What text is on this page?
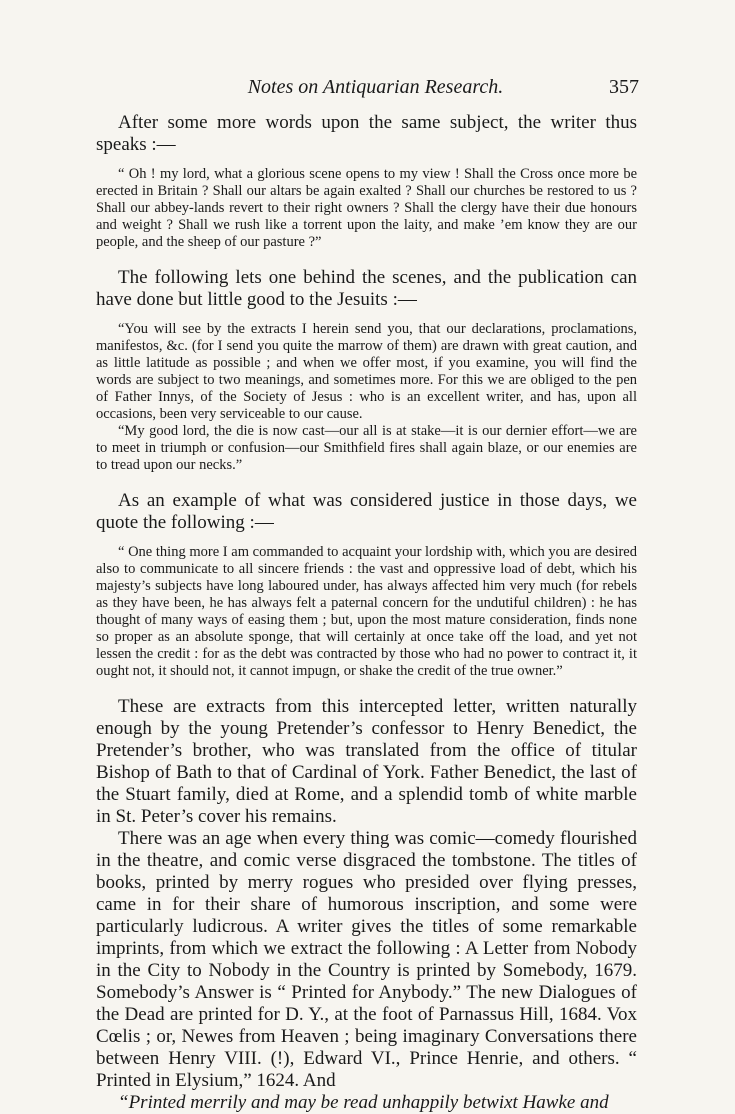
Notes on Antiquarian Research.	357

After some more words upon the same subject, the writer thus speaks :—

“ Oh ! my lord, what a glorious scene opens to my view ! Shall the Cross once more be erected in Britain ? Shall our altars be again exalted ? Shall our churches be restored to us ? Shall our abbey-lands revert to their right owners ? Shall the clergy have their due honours and weight ? Shall we rush like a torrent upon the laity, and make ’em know they are our people, and the sheep of our pasture ?”

The following lets one behind the scenes, and the publication can have done but little good to the Jesuits :—

“You will see by the extracts I herein send you, that our declarations, proclamations, manifestos, &c. (for I send you quite the marrow of them) are drawn with great caution, and as little latitude as possible ; and when we offer most, if you examine, you will find the words are subject to two meanings, and sometimes more. For this we are obliged to the pen of Father Innys, of the Society of Jesus : who is an excellent writer, and has, upon all occasions, been very serviceable to our cause.

“My good lord, the die is now cast—our all is at stake—it is our dernier effort—we are to meet in triumph or confusion—our Smithfield fires shall again blaze, or our enemies are to tread upon our necks.”

As an example of what was considered justice in those days, we quote the following :—

“ One thing more I am commanded to acquaint your lordship with, which you are desired also to communicate to all sincere friends : the vast and oppressive load of debt, which his majesty’s subjects have long laboured under, has always affected him very much (for rebels as they have been, he has always felt a paternal concern for the undutiful children) : he has thought of many ways of easing them ; but, upon the most mature consideration, finds none so proper as an absolute sponge, that will certainly at once take off the load, and yet not lessen the credit : for as the debt was contracted by those who had no power to contract it, it ought not, it should not, it cannot impugn, or shake the credit of the true owner.”

These are extracts from this intercepted letter, written naturally enough by the young Pretender’s confessor to Henry Benedict, the Pretender’s brother, who was translated from the office of titular Bishop of Bath to that of Cardinal of York. Father Benedict, the last of the Stuart family, died at Rome, and a splendid tomb of white marble in St. Peter’s cover his remains.

There was an age when every thing was comic—comedy flourished in the theatre, and comic verse disgraced the tombstone. The titles of books, printed by merry rogues who presided over flying presses, came in for their share of humorous inscription, and some were particularly ludicrous. A writer gives the titles of some remarkable imprints, from which we extract the following : A Letter from Nobody in the City to Nobody in the Country is printed by Somebody, 1679. Somebody’s Answer is “ Printed for Anybody.” The new Dialogues of the Dead are printed for D. Y., at the foot of Parnassus Hill, 1684. Vox Cœlis ; or, Newes from Heaven ; being imaginary Conversations there between Henry VIII. (!), Edward VI., Prince Henrie, and others. “ Printed in Elysium,” 1624. And

“Printed merrily and may be read unhappily betwixt Hawke and
